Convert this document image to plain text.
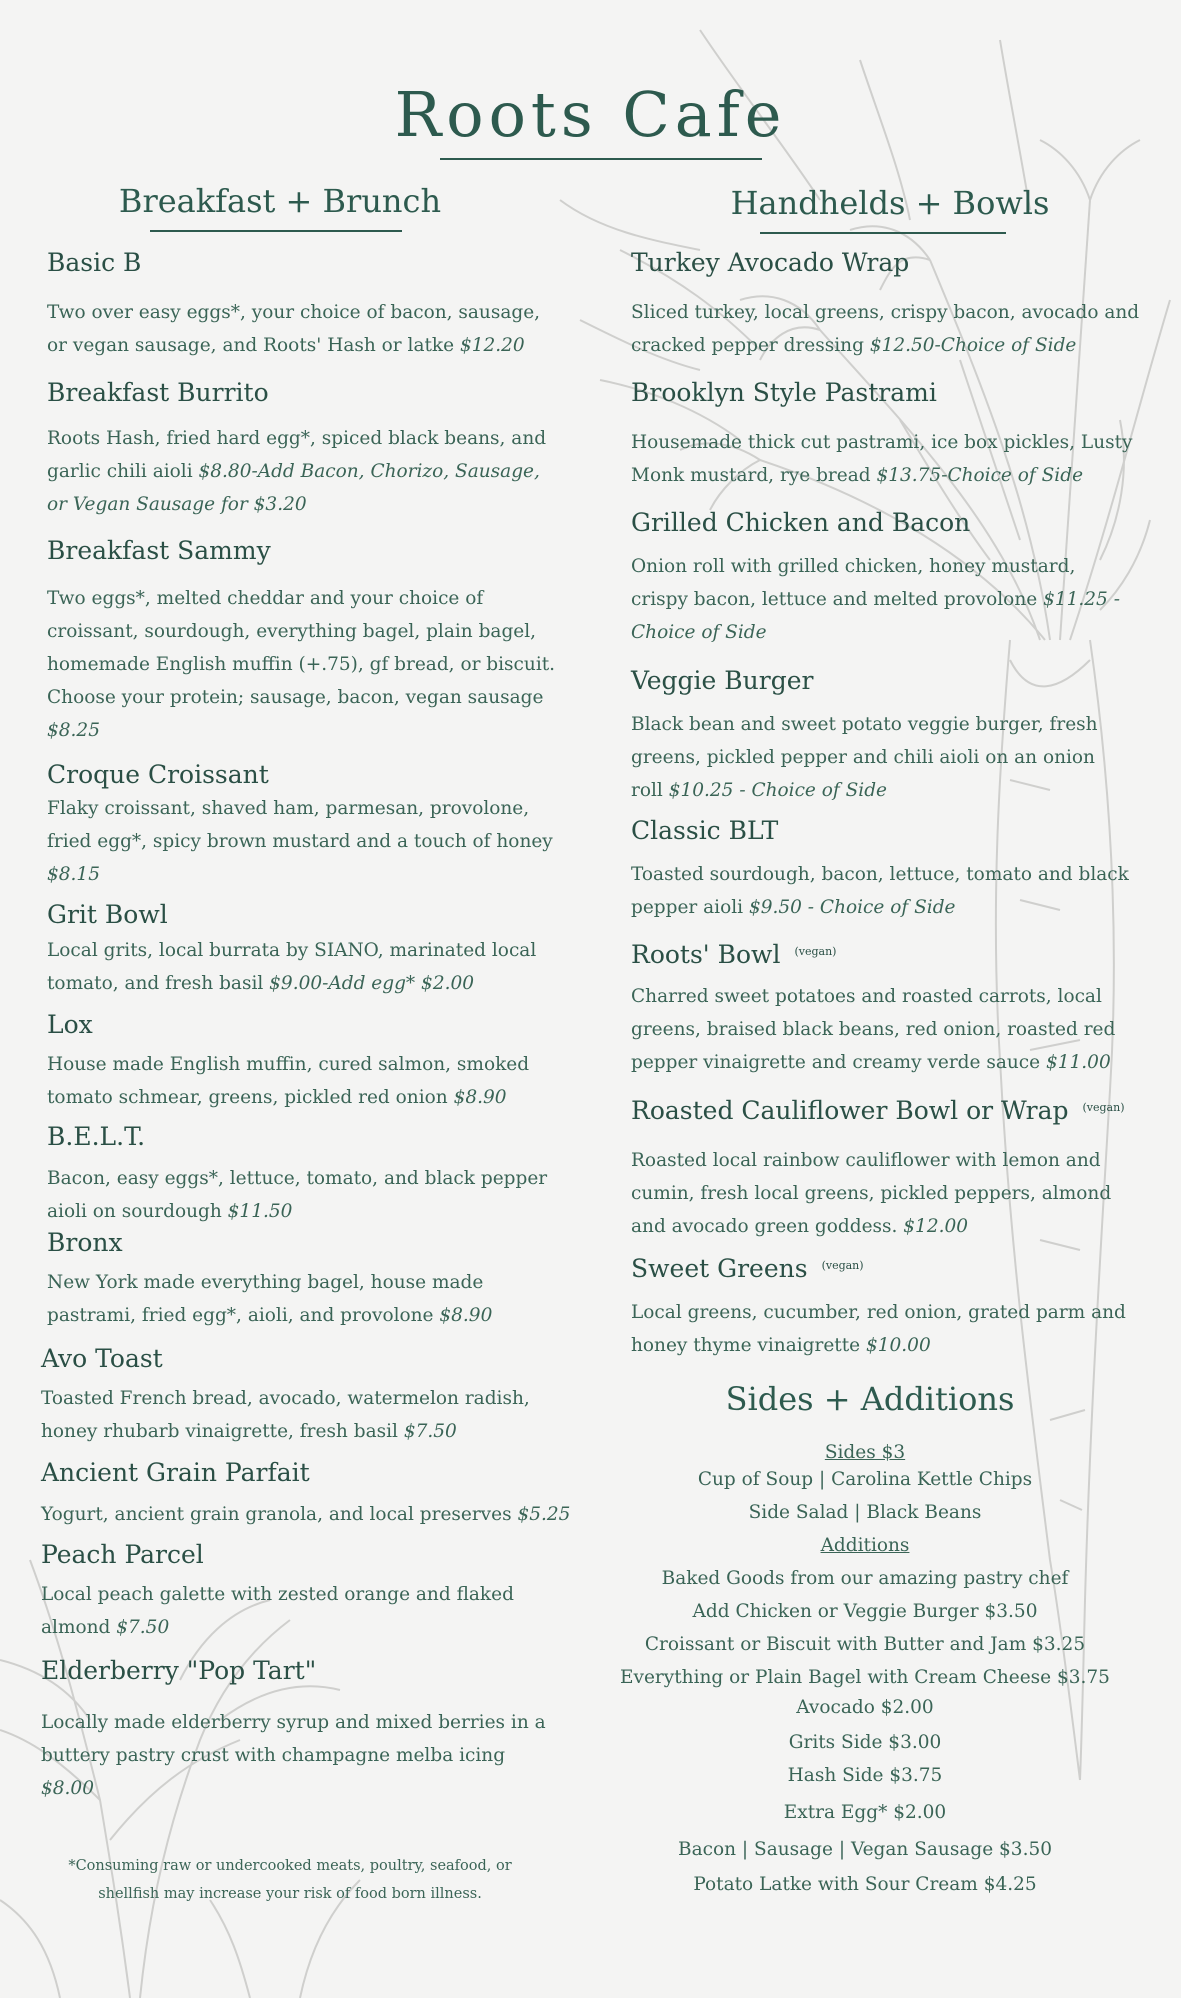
Roots Cafe
Breakfast + Brunch
Basic B
Two over easy eggs*, your choice of bacon, sausage, or vegan sausage, and Roots' Hash or latke $12.20
Breakfast Burrito
Roots Hash, fried hard egg*, spiced black beans, and garlic chili aioli $8.80-Add Bacon, Chorizo, Sausage, or Vegan Sausage for $3.20
Breakfast Sammy
Two eggs*, melted cheddar and your choice of croissant, sourdough, everything bagel, plain bagel, homemade English muffin (+.75), gf bread, or biscuit. Choose your protein; sausage, bacon, vegan sausage $8.25
Croque Croissant
Flaky croissant, shaved ham, parmesan, provolone, fried egg*, spicy brown mustard and a touch of honey $8.15
Grit Bowl
Local grits, local burrata by SIANO, marinated local tomato, and fresh basil $9.00-Add egg* $2.00
Lox
House made English muffin, cured salmon, smoked tomato schmear, greens, pickled red onion $8.90
B.E.L.T.
Bacon, easy eggs*, lettuce, tomato, and black pepper aioli on sourdough $11.50
Bronx
New York made everything bagel, house made pastrami, fried egg*, aioli, and provolone $8.90
Avo Toast
Toasted French bread, avocado, watermelon radish, honey rhubarb vinaigrette, fresh basil $7.50
Ancient Grain Parfait
Yogurt, ancient grain granola, and local preserves $5.25
Peach Parcel
Local peach galette with zested orange and flaked almond $7.50
Elderberry "Pop Tart"
Locally made elderberry syrup and mixed berries in a buttery pastry crust with champagne melba icing $8.00
*Consuming raw or undercooked meats, poultry, seafood, or shellfish may increase your risk of food born illness.
Handhelds + Bowls
Turkey Avocado Wrap
Sliced turkey, local greens, crispy bacon, avocado and cracked pepper dressing $12.50-Choice of Side
Brooklyn Style Pastrami
Housemade thick cut pastrami, ice box pickles, Lusty Monk mustard, rye bread $13.75-Choice of Side
Grilled Chicken and Bacon
Onion roll with grilled chicken, honey mustard, crispy bacon, lettuce and melted provolone $11.25 - Choice of Side
Veggie Burger
Black bean and sweet potato veggie burger, fresh greens, pickled pepper and chili aioli on an onion roll $10.25 - Choice of Side
Classic BLT
Toasted sourdough, bacon, lettuce, tomato and black pepper aioli $9.50 - Choice of Side
Roots' Bowl $^{(vegan)}$
Charred sweet potatoes and roasted carrots, local greens, braised black beans, red onion, roasted red pepper vinaigrette and creamy verde sauce $11.00
Roasted Cauliflower Bowl or Wrap $^{(vegan)}$
Roasted local rainbow cauliflower with lemon and cumin, fresh local greens, pickled peppers, almond and avocado green goddess. $12.00
Sweet Greens $^{(vegan)}$
Local greens, cucumber, red onion, grated parm and honey thyme vinaigrette $10.00
Sides + Additions
Sides $3
Cup of Soup | Carolina Kettle Chips
Side Salad | Black Beans
Additions
Baked Goods from our amazing pastry chef
Add Chicken or Veggie Burger $3.50
Croissant or Biscuit with Butter and Jam $3.25
Everything or Plain Bagel with Cream Cheese $3.75
Avocado $2.00
Grits Side $3.00
Hash Side $3.75
Extra Egg* $2.00
Bacon | Sausage | Vegan Sausage $3.50
Potato Latke with Sour Cream $4.25
